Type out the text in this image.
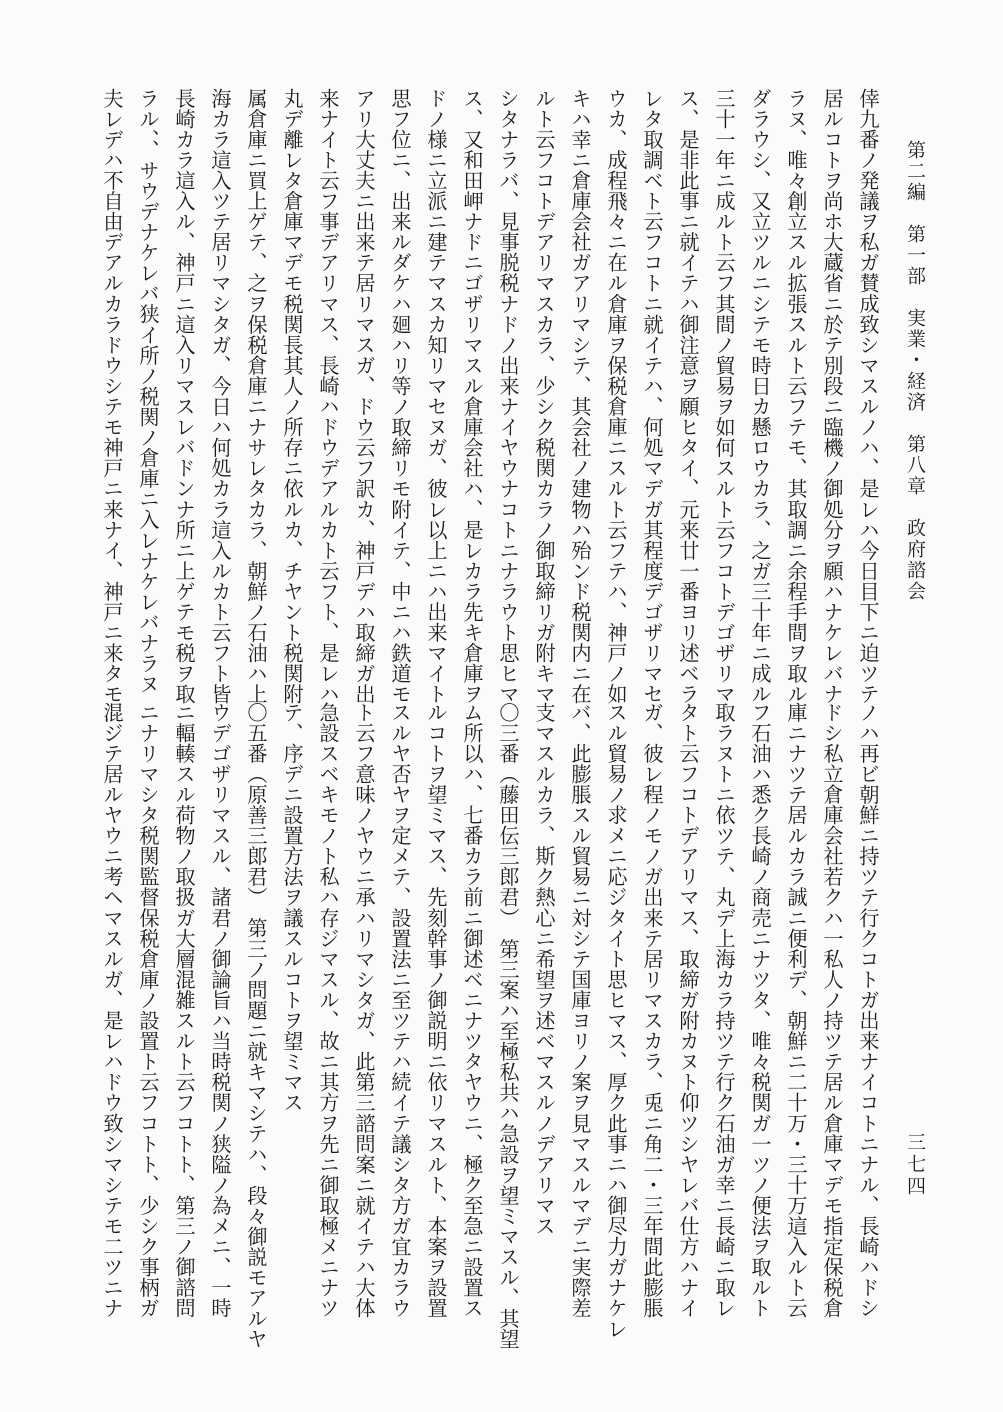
第二編　第一部　実業・経済　第八章　政府諮会
三七四
倖九番ノ発議ヲ私ガ賛成致シマスルノハ、是レハ今日目下ニ迫ツテ
居ルコトヲ尚ホ大蔵省ニ於テ別段ニ臨機ノ御処分ヲ願ハナケレバナ
ラヌ、唯々創立スル拡張スルト云フテモ、其取調ニ余程手間ヲ取ル
ダラウシ、又立ツルニシテモ時日カ懸ロウカラ、之ガ三十年ニ成ル
三十一年ニ成ルト云フ其間ノ貿易ヲ如何スルト云フコトデゴザリマ
ス、是非此事ニ就イテハ御注意ヲ願ヒタイ、元来廿一番ヨリ述ベラ
レタ取調ベト云フコトニ就イテハ、何処マデガ其程度デゴザリマセ
ウカ、成程飛々ニ在ル倉庫ヲ保税倉庫ニスルト云フテハ、神戸ノ如
キハ幸ニ倉庫会社ガアリマシテ、其会社ノ建物ハ殆ンド税関内ニ在
ルト云フコトデアリマスカラ、少シク税関カラノ御取締リガ附キマ
シタナラバ、見事脱税ナドノ出来ナイヤウナコトニナラウト思ヒマ
ス、又和田岬ナドニゴザリマスル倉庫会社ハ、是レカラ先キ倉庫ヲ
ドノ様ニ立派ニ建テマスカ知リマセヌガ、彼レ以上ニハ出来マイト
思フ位ニ、出来ルダケハ廻ハリ等ノ取締リモ附イテ、中ニハ鉄道モ
アリ大丈夫ニ出来テ居リマスガ、ドウ云フ訳カ、神戸デハ取締ガ出
来ナイト云フ事デアリマス、長崎ハドウデアルカト云フト、是レハ
丸デ離レタ倉庫マデモ税関長其人ノ所存ニ依ルカ、チヤント税関附
属倉庫ニ買上ゲテ、之ヲ保税倉庫ニナサレタカラ、朝鮮ノ石油ハ上
海カラ這入ツテ居リマシタガ、今日ハ何処カラ這入ルカト云フト皆
長崎カラ這入ル、神戸ニ這入リマスレバドンナ所ニ上ゲテモ税ヲ取
ラル、、サウデナケレバ狭イ所ノ税関ノ倉庫ニ入レナケレバナラヌ
夫レデハ不自由デアルカラドウシテモ神戸ニ来ナイ、神戸ニ来タモ
ノハ再ビ朝鮮ニ持ツテ行クコトガ出来ナイコトニナル、長崎ハドシ
ドシ私立倉庫会社若クハ一私人ノ持ツテ居ル倉庫マデモ指定保税倉
庫ニナツテ居ルカラ誠ニ便利デ、朝鮮ニ二十万・三十万這入ルト云
フ石油ハ悉ク長崎ノ商売ニナツタ、唯々税関ガ一ツノ便法ヲ取ルト
取ラヌトニ依ツテ、丸デ上海カラ持ツテ行ク石油ガ幸ニ長崎ニ取レ
タト云フコトデアリマス、取締ガ附カヌト仰ツシヤレバ仕方ハナイ
ガ、彼レ程ノモノガ出来テ居リマスカラ、兎ニ角二・三年間此膨脹
スル貿易ノ求メニ応ジタイト思ヒマス、厚ク此事ニハ御尽力ガナケレ
バ、此膨脹スル貿易ニ対シテ国庫ヨリノ案ヲ見マスルマデニ実際差
支マスルカラ、斯ク熱心ニ希望ヲ述ベマスルノデアリマス
〇三番（藤田伝三郎君）　第三案ハ至極私共ハ急設ヲ望ミマスル、其望
ム所以ハ、七番カラ前ニ御述ベニナツタヤウニ、極ク至急ニ設置ス
ルコトヲ望ミマス、先刻幹事ノ御説明ニ依リマスルト、本案ヲ設置
スルヤ否ヤヲ定メテ、設置法ニ至ツテハ続イテ議シタ方ガ宜カラウ
ト云フ意味ノヤウニ承ハリマシタガ、此第三諮問案ニ就イテハ大体
急設スベキモノト私ハ存ジマスル、故ニ其方ヲ先ニ御取極メニナツ
テ、序デニ設置方法ヲ議スルコトヲ望ミマス
〇五番（原善三郎君）　第三ノ問題ニ就キマシテハ、段々御説モアルヤ
ウデゴザリマスル、諸君ノ御論旨ハ当時税関ノ狭隘ノ為メニ、一時
ニ輻輳スル荷物ノ取扱ガ大層混雑スルト云フコトト、第三ノ御諮問
ニナリマシタ税関監督保税倉庫ノ設置ト云フコトト、少シク事柄ガ
混ジテ居ルヤウニ考ヘマスルガ、是レハドウ致シマシテモ二ツニナ
